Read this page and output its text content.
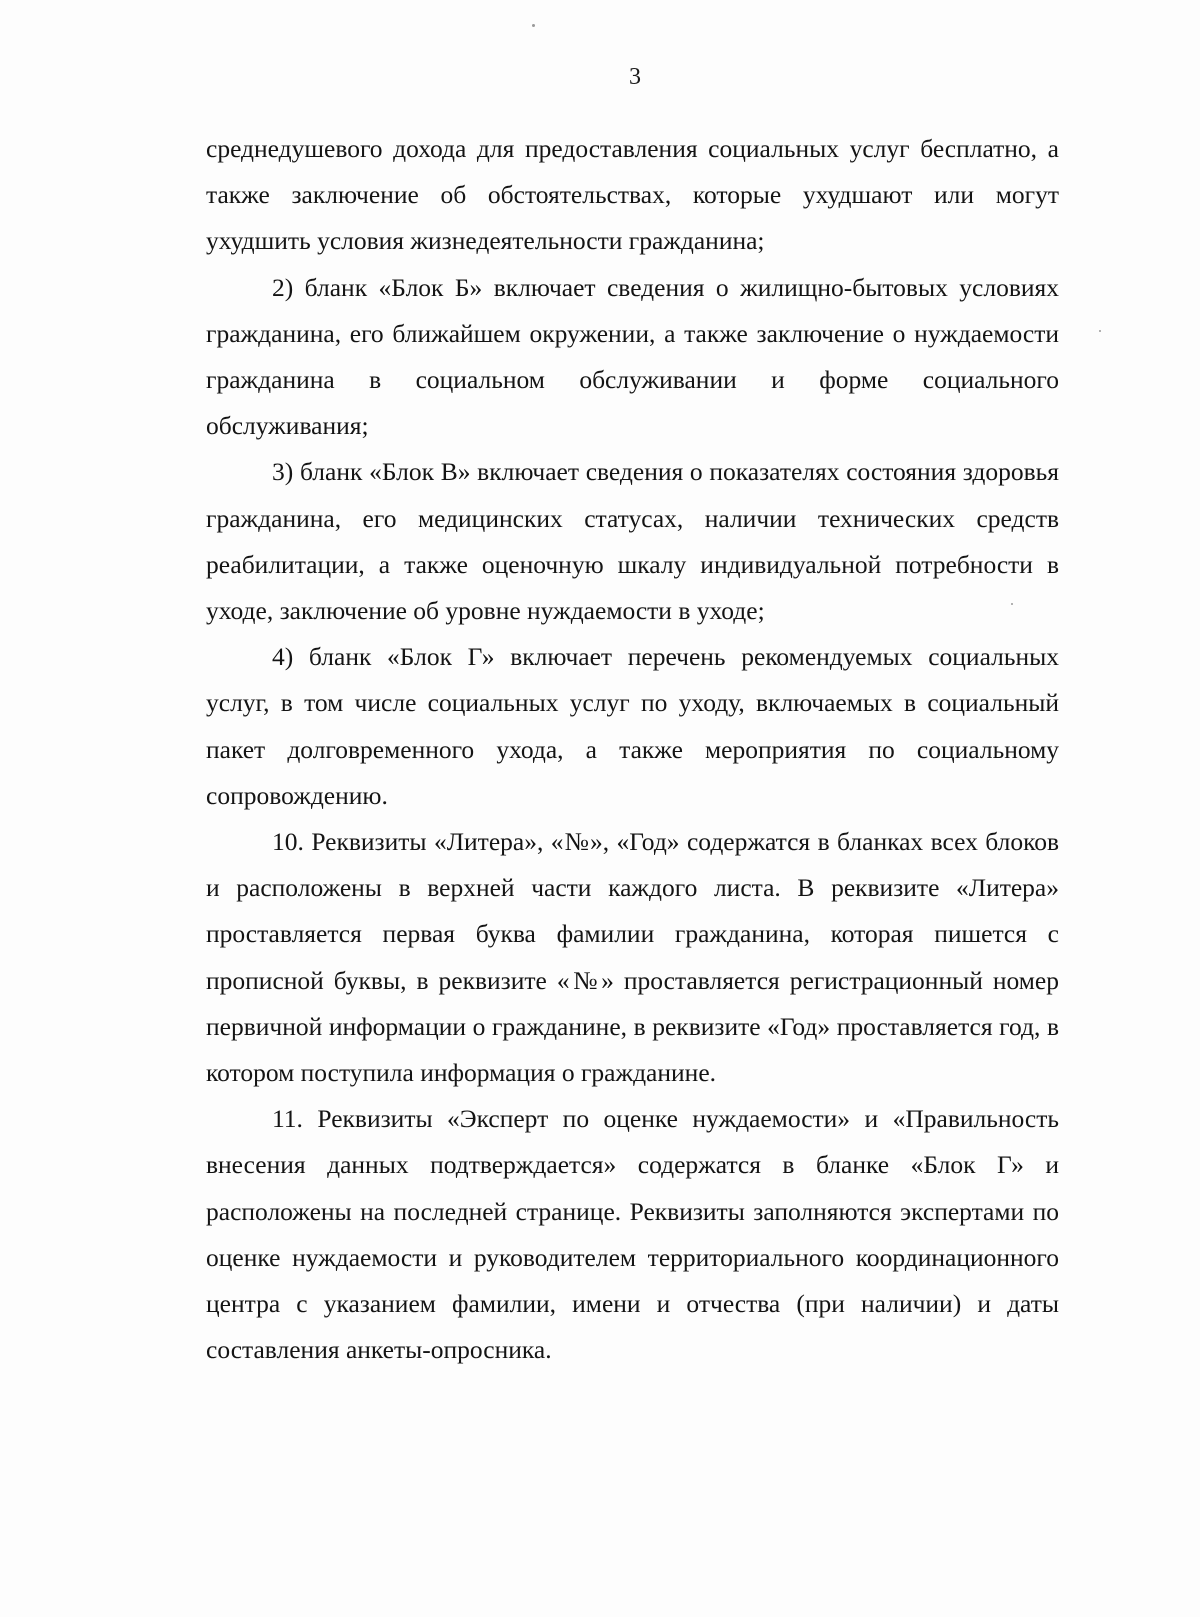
3

среднедушевого дохода для предоставления социальных услуг бесплатно, а также заключение об обстоятельствах, которые ухудшают или могут ухудшить условия жизнедеятельности гражданина;

2) бланк «Блок Б» включает сведения о жилищно-бытовых условиях гражданина, его ближайшем окружении, а также заключение о нуждаемости гражданина в социальном обслуживании и форме социального обслуживания;

3) бланк «Блок В» включает сведения о показателях состояния здоровья гражданина, его медицинских статусах, наличии технических средств реабилитации, а также оценочную шкалу индивидуальной потребности в уходе, заключение об уровне нуждаемости в уходе;

4) бланк «Блок Г» включает перечень рекомендуемых социальных услуг, в том числе социальных услуг по уходу, включаемых в социальный пакет долговременного ухода, а также мероприятия по социальному сопровождению.

10. Реквизиты «Литера», «№», «Год» содержатся в бланках всех блоков и расположены в верхней части каждого листа. В реквизите «Литера» проставляется первая буква фамилии гражданина, которая пишется с прописной буквы, в реквизите «№» проставляется регистрационный номер первичной информации о гражданине, в реквизите «Год» проставляется год, в котором поступила информация о гражданине.

11. Реквизиты «Эксперт по оценке нуждаемости» и «Правильность внесения данных подтверждается» содержатся в бланке «Блок Г» и расположены на последней странице. Реквизиты заполняются экспертами по оценке нуждаемости и руководителем территориального координационного центра с указанием фамилии, имени и отчества (при наличии) и даты составления анкеты-опросника.
